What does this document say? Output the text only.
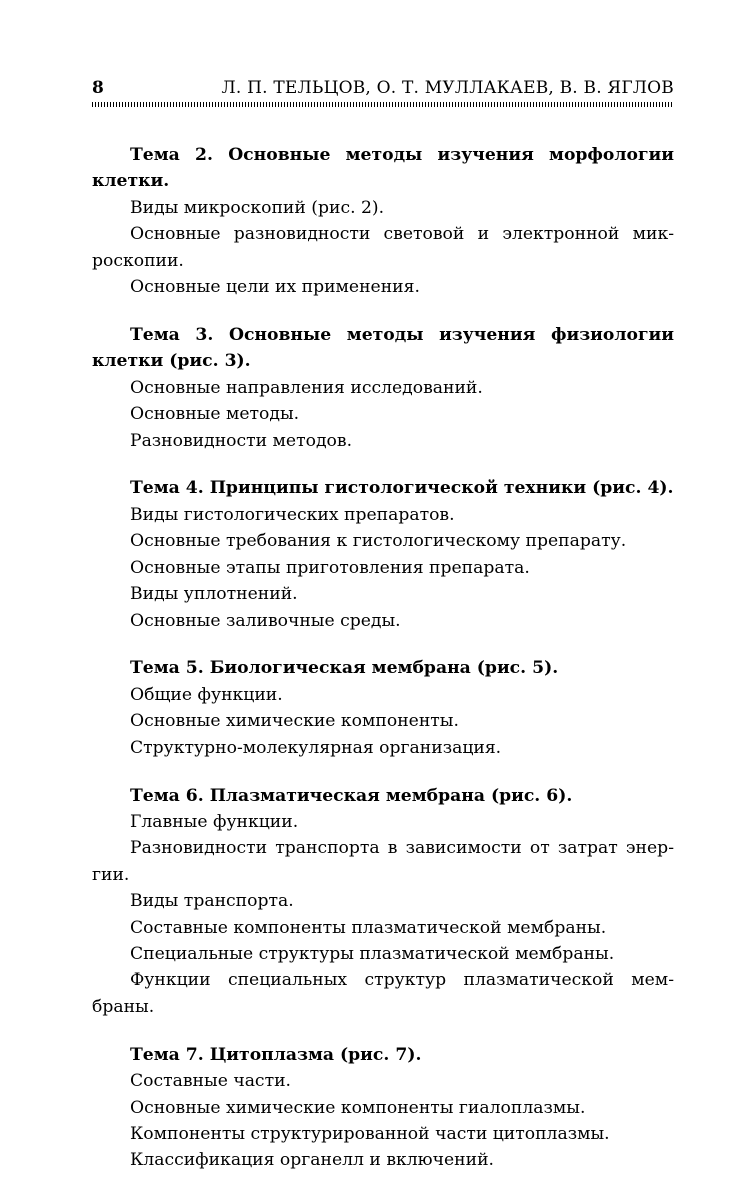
8	Л. П. ТЕЛЬЦОВ, О. Т. МУЛЛАКАЕВ, В. В. ЯГЛОВ

Тема 2. Основные методы изучения морфологии клетки.

Виды микроскопий (рис. 2).

Основные разновидности световой и электронной микроскопии.

Основные цели их применения.

Тема 3. Основные методы изучения физиологии клетки (рис. 3).

Основные направления исследований.

Основные методы.

Разновидности методов.

Тема 4. Принципы гистологической техники (рис. 4).

Виды гистологических препаратов.

Основные требования к гистологическому препарату.

Основные этапы приготовления препарата.

Виды уплотнений.

Основные заливочные среды.

Тема 5. Биологическая мембрана (рис. 5).

Общие функции.

Основные химические компоненты.

Структурно-молекулярная организация.

Тема 6. Плазматическая мембрана (рис. 6).

Главные функции.

Разновидности транспорта в зависимости от затрат энергии.

Виды транспорта.

Составные компоненты плазматической мембраны.

Специальные структуры плазматической мембраны.

Функции специальных структур плазматической мембраны.

Тема 7. Цитоплазма (рис. 7).

Составные части.

Основные химические компоненты гиалоплазмы.

Компоненты структурированной части цитоплазмы.

Классификация органелл и включений.
